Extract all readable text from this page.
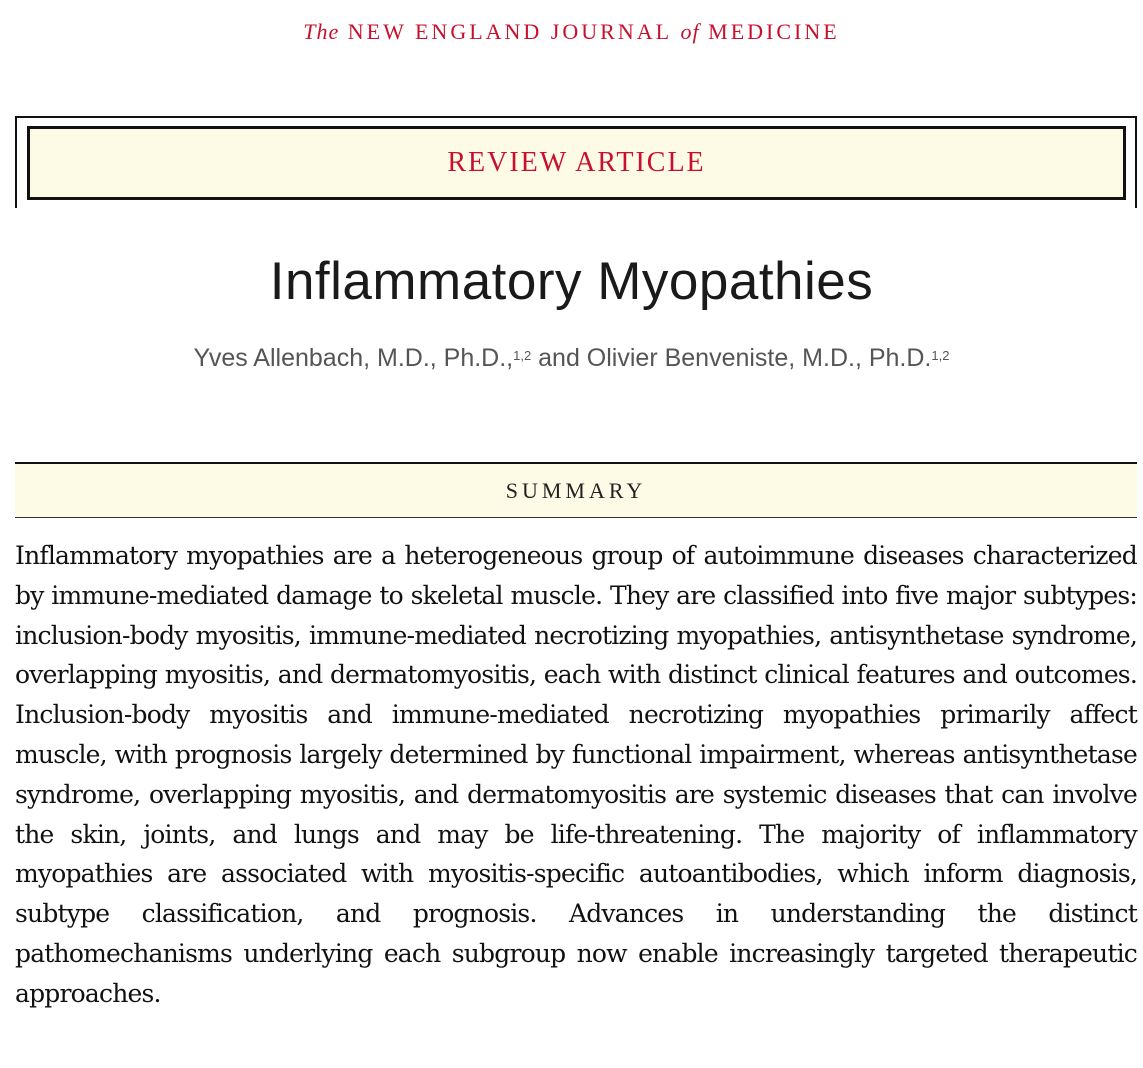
The NEW ENGLAND JOURNAL of MEDICINE
REVIEW ARTICLE
Inflammatory Myopathies
Yves Allenbach, M.D., Ph.D.,$^{1,2}$ and Olivier Benveniste, M.D., Ph.D.$^{1,2}$
SUMMARY

Inflammatory myopathies are a heterogeneous group of autoimmune diseases characterized by immune-mediated damage to skeletal muscle. They are classified into five major subtypes: inclusion-body myositis, immune-mediated necrotizing myopathies, antisynthetase syndrome, overlapping myositis, and dermatomyositis, each with distinct clinical features and outcomes. Inclusion-body myositis and immune-mediated necrotizing myopathies primarily affect muscle, with prognosis largely determined by functional impairment, whereas antisynthetase syndrome, overlapping myositis, and dermatomyositis are systemic diseases that can involve the skin, joints, and lungs and may be life-threatening. The majority of inflammatory myopathies are associated with myositis-specific autoantibodies, which inform diagnosis, subtype classification, and prognosis. Advances in understanding the distinct pathomechanisms underlying each subgroup now enable increasingly targeted therapeutic approaches.
